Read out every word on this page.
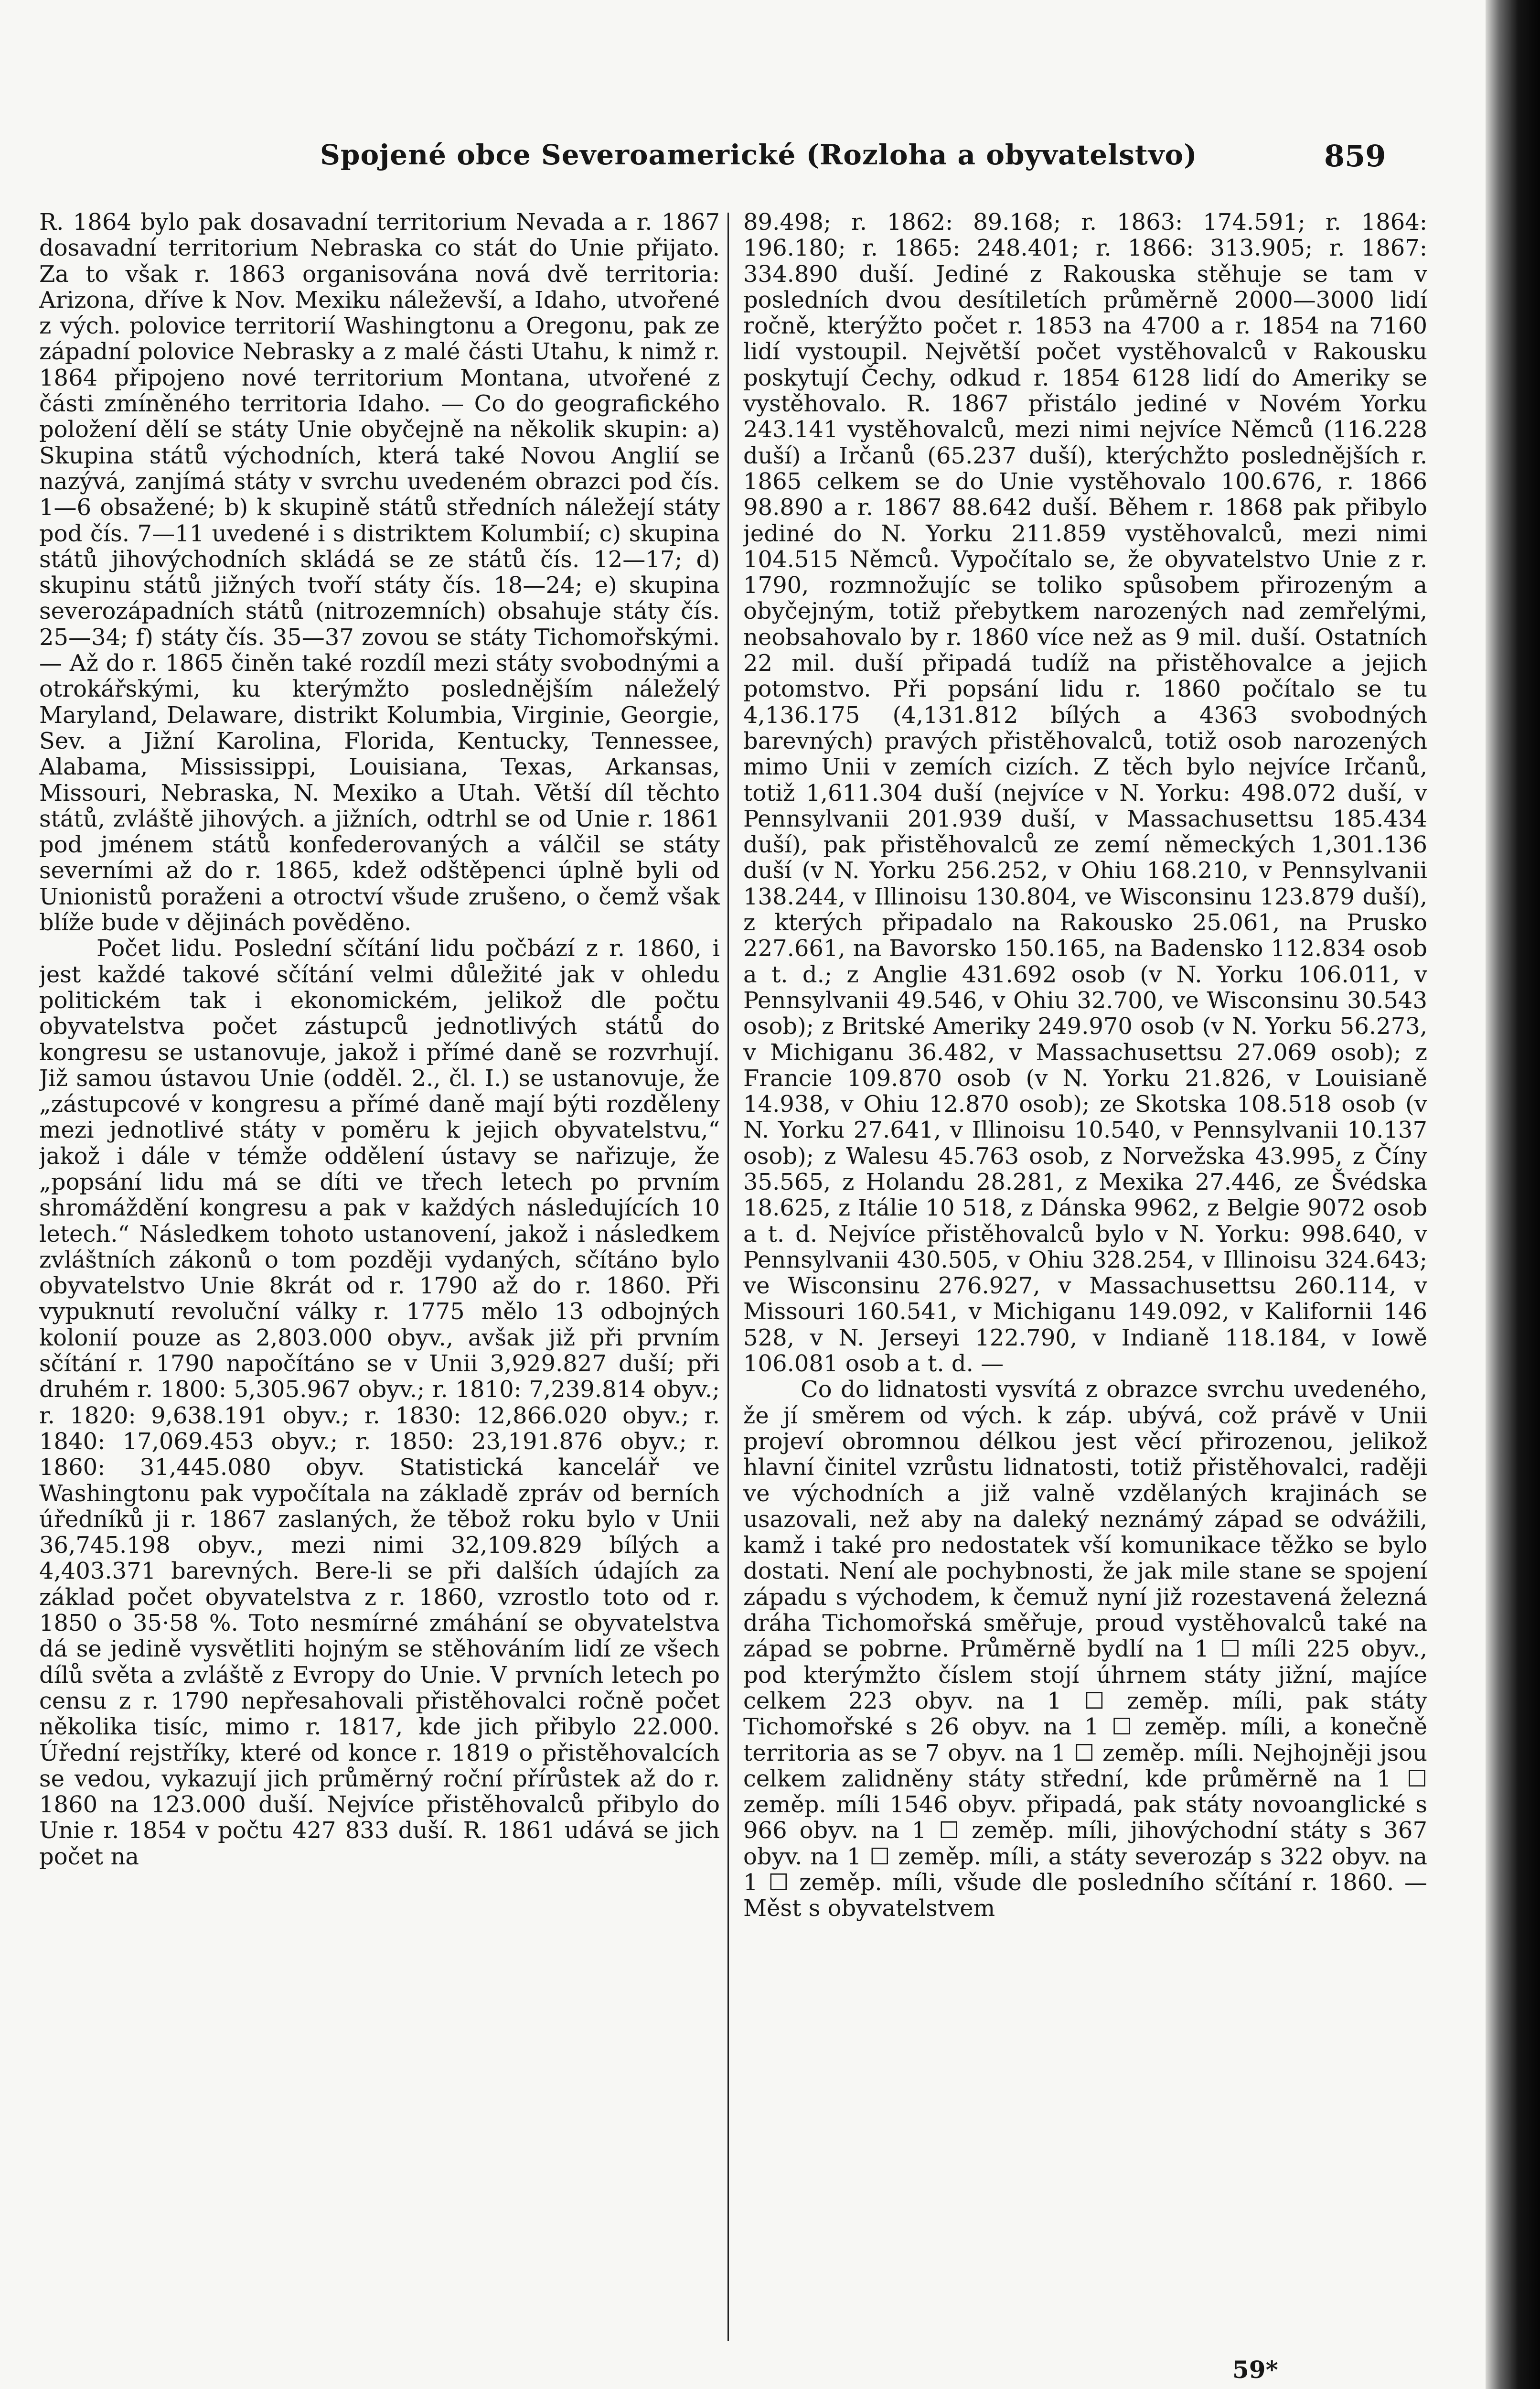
Spojené obce Severoamerické (Rozloha a obyvatelstvo)	859

R. 1864 bylo pak dosavadní territorium Nevada a r. 1867 dosavadní territorium Nebraska co stát do Unie přijato. Za to však r. 1863 organisována nová dvě territoria: Arizona, dříve k Nov. Mexiku náleževší, a Idaho, utvořené z vých. polovice territorií Washingtonu a Oregonu, pak ze západní polovice Nebrasky a z malé části Utahu, k nimž r. 1864 připojeno nové territorium Montana, utvořené z části zmíněného territoria Idaho. — Co do geografického položení dělí se státy Unie obyčejně na několik skupin: a) Skupina států východních, která také Novou Anglií se nazývá, zanjímá státy v svrchu uvedeném obrazci pod čís. 1—6 obsažené; b) k skupině států středních náležejí státy pod čís. 7—11 uvedené i s distriktem Kolumbií; c) skupina států jihovýchodních skládá se ze států čís. 12—17; d) skupinu států jižných tvoří státy čís. 18—24; e) skupina severozápadních států (nitrozemních) obsahuje státy čís. 25—34; f) státy čís. 35—37 zovou se státy Tichomořskými. — Až do r. 1865 činěn také rozdíl mezi státy svobodnými a otrokářskými, ku kterýmžto poslednějším náleželý Maryland, Delaware, distrikt Kolumbia, Virginie, Georgie, Sev. a Jižní Karolina, Florida, Kentucky, Tennessee, Alabama, Mississippi, Louisiana, Texas, Arkansas, Missouri, Nebraska, N. Mexiko a Utah. Větší díl těchto států, zvláště jihových. a jižních, odtrhl se od Unie r. 1861 pod jménem států konfederovaných a válčil se státy severními až do r. 1865, kdež odštěpenci úplně byli od Unionistů poraženi a otroctví všude zrušeno, o čemž však blíže bude v dějinách pověděno.

Počet lidu. Poslední sčítání lidu počbází z r. 1860, i jest každé takové sčítání velmi důležité jak v ohledu politickém tak i ekonomickém, jelikož dle počtu obyvatelstva počet zástupců jednotlivých států do kongresu se ustanovuje, jakož i přímé daně se rozvrhují. Již samou ústavou Unie (odděl. 2., čl. I.) se ustanovuje, že „zástupcové v kongresu a přímé daně mají býti rozděleny mezi jednotlivé státy v poměru k jejich obyvatelstvu,“ jakož i dále v témže oddělení ústavy se nařizuje, že „popsání lidu má se díti ve třech letech po prvním shromáždění kongresu a pak v každých následujících 10 letech.“ Následkem tohoto ustanovení, jakož i následkem zvláštních zákonů o tom později vydaných, sčítáno bylo obyvatelstvo Unie 8krát od r. 1790 až do r. 1860. Při vypuknutí revoluční války r. 1775 mělo 13 odbojných kolonií pouze as 2,803.000 obyv., avšak již při prvním sčítání r. 1790 napočítáno se v Unii 3,929.827 duší; při druhém r. 1800: 5,305.967 obyv.; r. 1810: 7,239.814 obyv.; r. 1820: 9,638.191 obyv.; r. 1830: 12,866.020 obyv.; r. 1840: 17,069.453 obyv.; r. 1850: 23,191.876 obyv.; r. 1860: 31,445.080 obyv. Statistická kancelář ve Washingtonu pak vypočítala na základě zpráv od berních úředníků ji r. 1867 zaslaných, že těbož roku bylo v Unii 36,745.198 obyv., mezi nimi 32,109.829 bílých a 4,403.371 barevných. Bere-li se při dalších údajích za základ počet obyvatelstva z r. 1860, vzrostlo toto od r. 1850 o 35·58 %. Toto nesmírné zmáhání se obyvatelstva dá se jedině vysvětliti hojným se stěhováním lidí ze všech dílů světa a zvláště z Evropy do Unie. V prvních letech po censu z r. 1790 nepřesahovali přistěhovalci ročně počet několika tisíc, mimo r. 1817, kde jich přibylo 22.000. Úřední rejstříky, které od konce r. 1819 o přistěhovalcích se vedou, vykazují jich průměrný roční přírůstek až do r. 1860 na 123.000 duší. Nejvíce přistěhovalců přibylo do Unie r. 1854 v počtu 427 833 duší. R. 1861 udává se jich počet na

89.498; r. 1862: 89.168; r. 1863: 174.591; r. 1864: 196.180; r. 1865: 248.401; r. 1866: 313.905; r. 1867: 334.890 duší. Jediné z Rakouska stěhuje se tam v posledních dvou desítiletích průměrně 2000—3000 lidí ročně, kterýžto počet r. 1853 na 4700 a r. 1854 na 7160 lidí vystoupil. Největší počet vystěhovalců v Rakousku poskytují Čechy, odkud r. 1854 6128 lidí do Ameriky se vystěhovalo. R. 1867 přistálo jediné v Novém Yorku 243.141 vystěhovalců, mezi nimi nejvíce Němců (116.228 duší) a Irčanů (65.237 duší), kterýchžto posledněјších r. 1865 celkem se do Unie vystěhovalo 100.676, r. 1866 98.890 a r. 1867 88.642 duší. Během r. 1868 pak přibylo jediné do N. Yorku 211.859 vystěhovalců, mezi nimi 104.515 Němců. Vypočítalo se, že obyvatelstvo Unie z r. 1790, rozmnožujíc se toliko spůsobem přirozeným a obyčejným, totiž přebytkem narozených nad zemřelými, neobsahovalo by r. 1860 více než as 9 mil. duší. Ostatních 22 mil. duší připadá tudíž na přistěhovalce a jejich potomstvo. Při popsání lidu r. 1860 počítalo se tu 4,136.175 (4,131.812 bílých a 4363 svobodných barevných) pravých přistěhovalců, totiž osob narozených mimo Unii v zemích cizích. Z těch bylo nejvíce Irčanů, totiž 1,611.304 duší (nejvíce v N. Yorku: 498.072 duší, v Pennsylvanii 201.939 duší, v Massachusettsu 185.434 duší), pak přistěhovalců ze zemí německých 1,301.136 duší (v N. Yorku 256.252, v Ohiu 168.210, v Pennsylvanii 138.244, v Illinoisu 130.804, ve Wisconsinu 123.879 duší), z kterých připadalo na Rakousko 25.061, na Prusko 227.661, na Bavorsko 150.165, na Badensko 112.834 osob a t. d.; z Anglie 431.692 osob (v N. Yorku 106.011, v Pennsylvanii 49.546, v Ohiu 32.700, ve Wisconsinu 30.543 osob); z Britské Ameriky 249.970 osob (v N. Yorku 56.273, v Michiganu 36.482, v Massachusettsu 27.069 osob); z Francie 109.870 osob (v N. Yorku 21.826, v Louisianě 14.938, v Ohiu 12.870 osob); ze Skotska 108.518 osob (v N. Yorku 27.641, v Illinoisu 10.540, v Pennsylvanii 10.137 osob); z Walesu 45.763 osob, z Norvežska 43.995, z Číny 35.565, z Holandu 28.281, z Mexika 27.446, ze Švédska 18.625, z Itálie 10 518, z Dánska 9962, z Belgie 9072 osob a t. d. Nejvíce přistěhovalců bylo v N. Yorku: 998.640, v Pennsylvanii 430.505, v Ohiu 328.254, v Illinoisu 324.643; ve Wisconsinu 276.927, v Massachusettsu 260.114, v Missouri 160.541, v Michiganu 149.092, v Kalifornii 146 528, v N. Jerseyi 122.790, v Indianě 118.184, v Iowě 106.081 osob a t. d. —

Co do lidnatosti vysvítá z obrazce svrchu uvedeného, že jí směrem od vých. k záp. ubývá, což právě v Unii projeví obromnou délkou jest věcí přirozenou, jelikož hlavní činitel vzrůstu lidnatosti, totiž přistěhovalci, raději ve východních a již valně vzdělaných krajinách se usazovali, než aby na daleký neznámý západ se odvážili, kamž i také pro nedostatek vší komunikace těžko se bylo dostati. Není ale pochybnosti, že jak mile stane se spojení západu s východem, k čemuž nyní již rozestavená železná dráha Tichomořská směřuje, proud vystěhovalců také na západ se pobrne. Průměrně bydlí na 1 ☐ míli 225 obyv., pod kterýmžto číslem stojí úhrnem státy jižní, majíce celkem 223 obyv. na 1 ☐ zeměp. míli, pak státy Tichomořské s 26 obyv. na 1 ☐ zeměp. míli, a konečně territoria as se 7 obyv. na 1 ☐ zeměp. míli. Nejhojněji jsou celkem zalidněny státy střední, kde průměrně na 1 ☐ zeměp. míli 1546 obyv. připadá, pak státy novoanglické s 966 obyv. na 1 ☐ zeměp. míli, jihovýchodní státy s 367 obyv. na 1 ☐ zeměp. míli, a státy severozáp s 322 obyv. na 1 ☐ zeměp. míli, všude dle posledního sčítání r. 1860. — Měst s obyvatelstvem

59*
